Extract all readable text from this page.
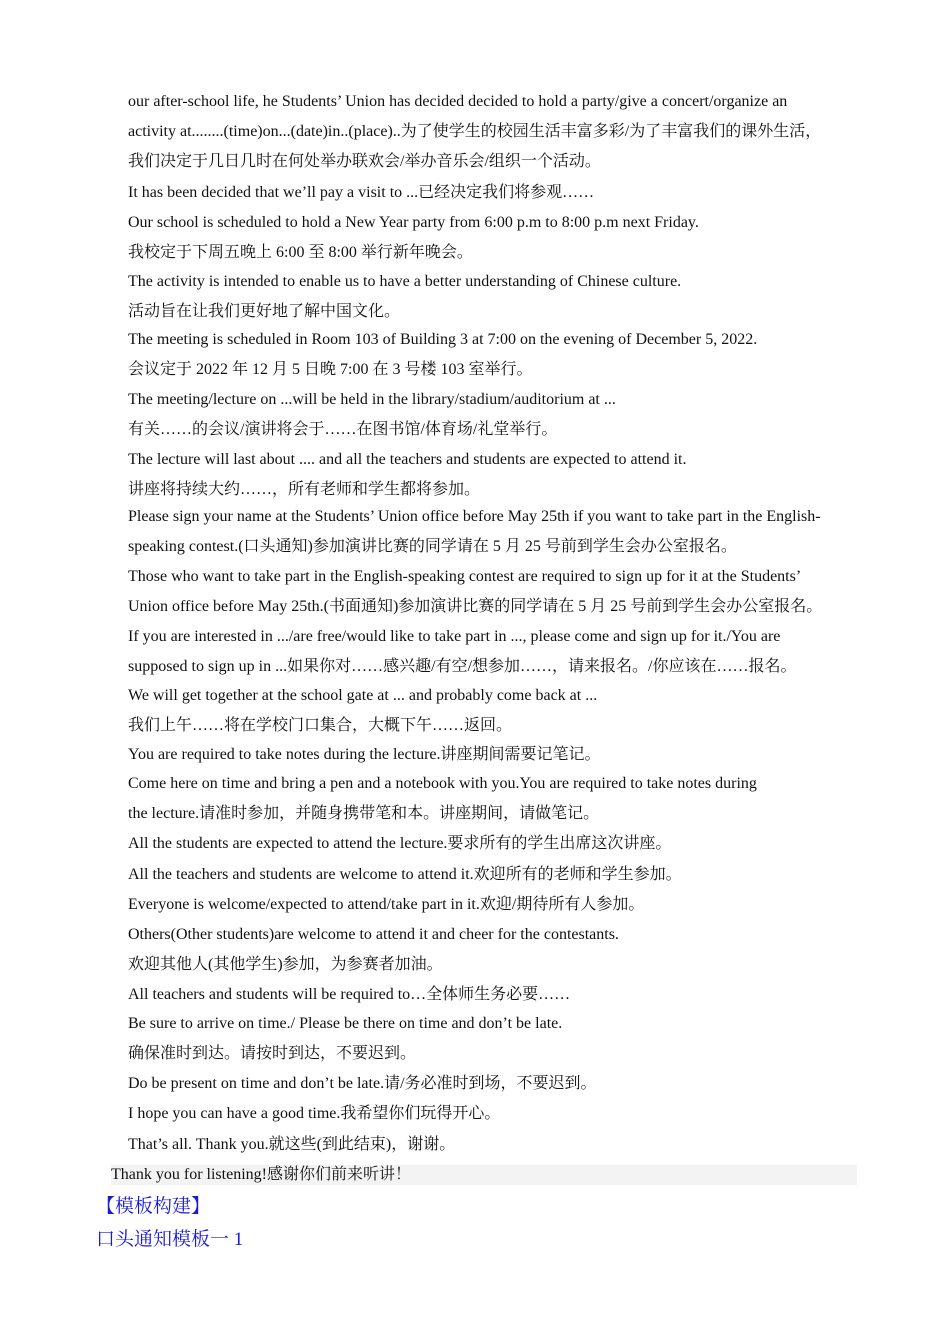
our after-school life, he Students’ Union has decided decided to hold a party/give a concert/organize an
activity at........(time)on...(date)in..(place)..为了使学生的校园生活丰富多彩/为了丰富我们的课外生活，
我们决定于几日几时在何处举办联欢会/举办音乐会/组织一个活动。
It has been decided that we’ll pay a visit to ...已经决定我们将参观……
Our school is scheduled to hold a New Year party from 6:00 p.m to 8:00 p.m next Friday.
我校定于下周五晚上 6:00 至 8:00 举行新年晚会。
The activity is intended to enable us to have a better understanding of Chinese culture.
活动旨在让我们更好地了解中国文化。
The meeting is scheduled in Room 103 of Building 3 at 7:00 on the evening of December 5, 2022.
会议定于 2022 年 12 月 5 日晚 7:00 在 3 号楼 103 室举行。
The meeting/lecture on ...will be held in the library/stadium/auditorium at ...
有关……的会议/演讲将会于……在图书馆/体育场/礼堂举行。
The lecture will last about .... and all the teachers and students are expected to attend it.
讲座将持续大约……，所有老师和学生都将参加。
Please sign your name at the Students’ Union office before May 25th if you want to take part in the English-
speaking contest.(口头通知)参加演讲比赛的同学请在 5 月 25 号前到学生会办公室报名。
Those who want to take part in the English-speaking contest are required to sign up for it at the Students’
Union office before May 25th.(书面通知)参加演讲比赛的同学请在 5 月 25 号前到学生会办公室报名。
If you are interested in .../are free/would like to take part in ..., please come and sign up for it./You are
supposed to sign up in ...如果你对……感兴趣/有空/想参加……，请来报名。/你应该在……报名。
We will get together at the school gate at ... and probably come back at ...
我们上午……将在学校门口集合，大概下午……返回。
You are required to take notes during the lecture.讲座期间需要记笔记。
Come here on time and bring a pen and a notebook with you.You are required to take notes during
the lecture.请准时参加，并随身携带笔和本。讲座期间，请做笔记。
All the students are expected to attend the lecture.要求所有的学生出席这次讲座。
All the teachers and students are welcome to attend it.欢迎所有的老师和学生参加。
Everyone is welcome/expected to attend/take part in it.欢迎/期待所有人参加。
Others(Other students)are welcome to attend it and cheer for the contestants.
欢迎其他人(其他学生)参加，为参赛者加油。
All teachers and students will be required to…全体师生务必要……
Be sure to arrive on time./ Please be there on time and don’t be late.
确保准时到达。请按时到达，不要迟到。
Do be present on time and don’t be late.请/务必准时到场，不要迟到。
I hope you can have a good time.我希望你们玩得开心。
That’s all. Thank you.就这些(到此结束)，谢谢。
Thank you for listening!感谢你们前来听讲！
【模板构建】
口头通知模板一 1
